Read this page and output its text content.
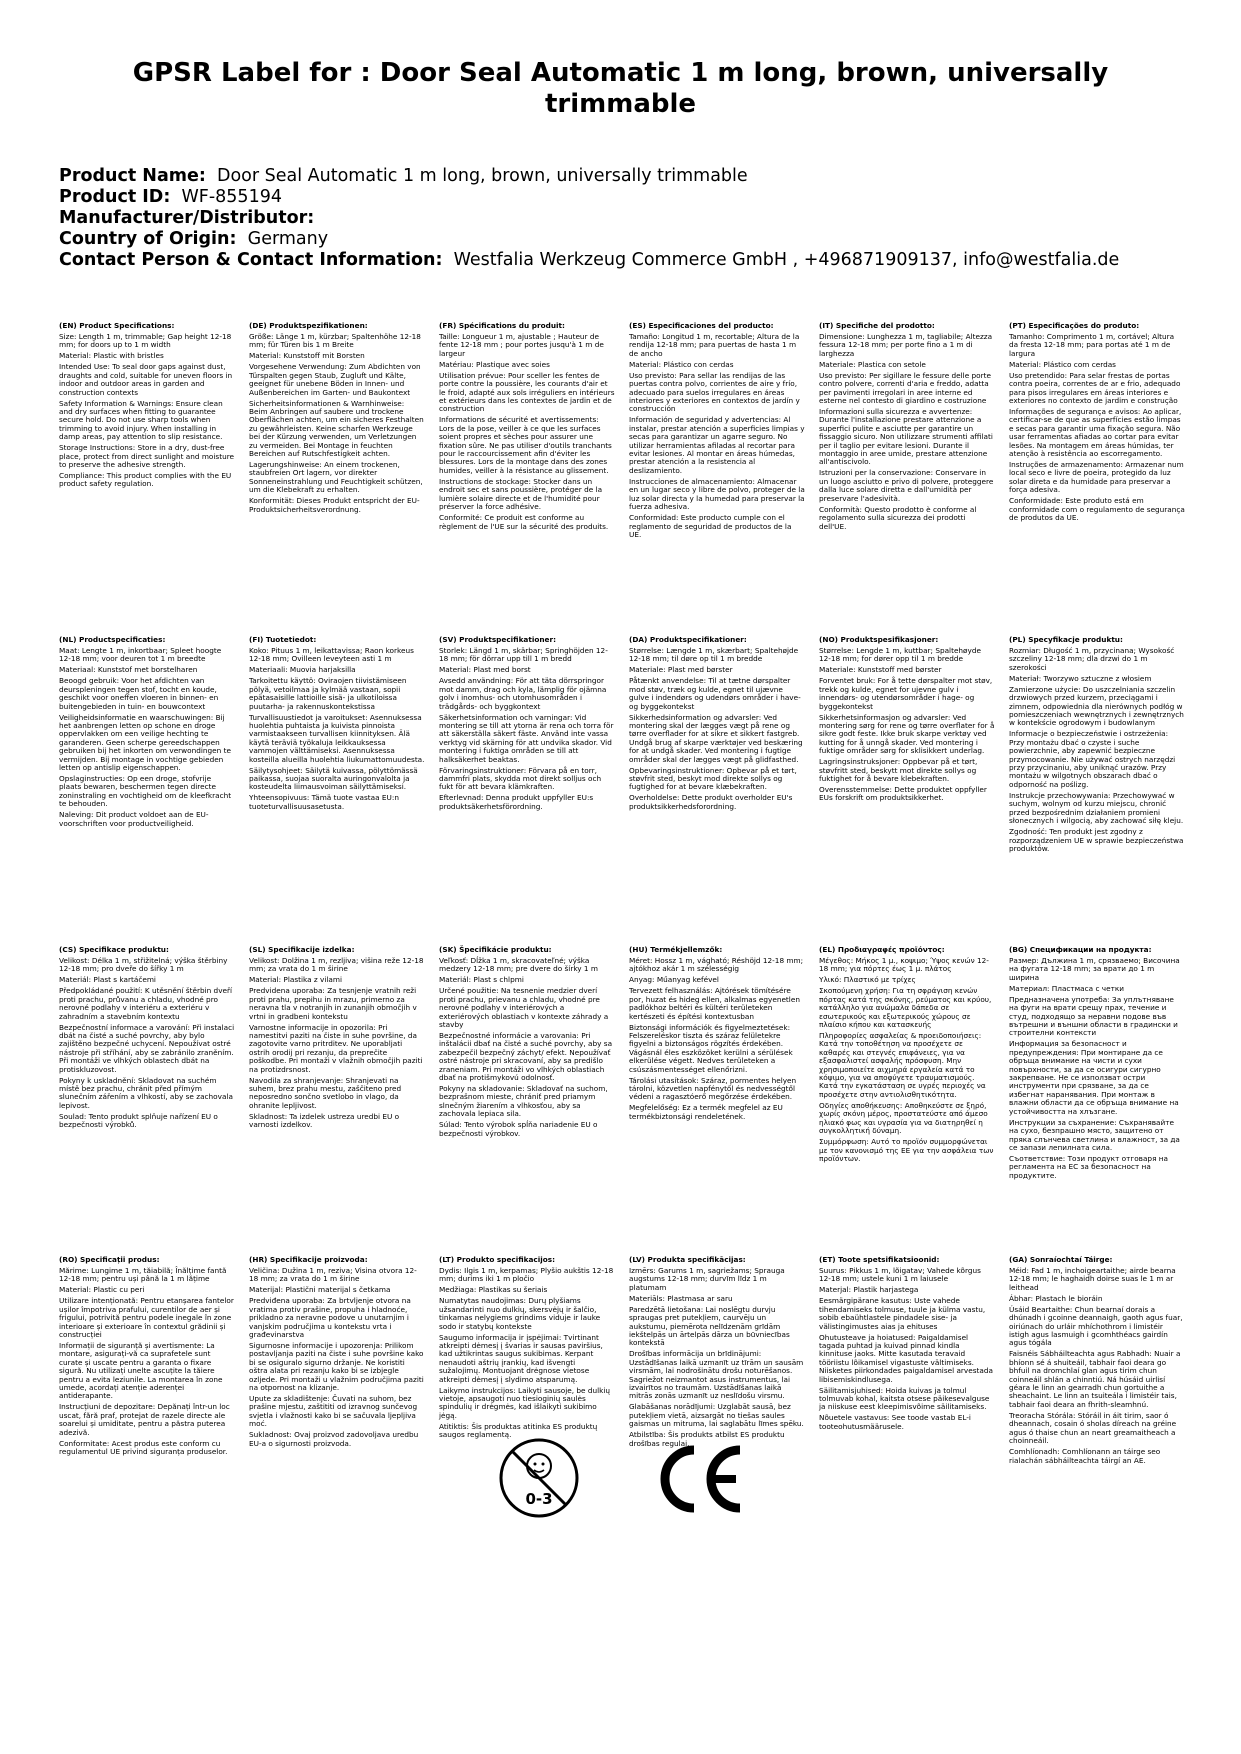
GPSR Label for : Door Seal Automatic 1 m long, brown, universally trimmable
Product Name: Door Seal Automatic 1 m long, brown, universally trimmable
Product ID: WF-855194
Manufacturer/Distributor:
Country of Origin: Germany
Contact Person & Contact Information: Westfalia Werkzeug Commerce GmbH , +496871909137, info@westfalia.de

(EN) Product Specifications:

Size: Length 1 m, trimmable; Gap height 12-18 mm; for doors up to 1 m width

Material: Plastic with bristles

Intended Use: To seal door gaps against dust, draughts and cold, suitable for uneven floors in indoor and outdoor areas in garden and construction contexts

Safety Information & Warnings: Ensure clean and dry surfaces when fitting to guarantee secure hold. Do not use sharp tools when trimming to avoid injury. When installing in damp areas, pay attention to slip resistance.

Storage Instructions: Store in a dry, dust-free place, protect from direct sunlight and moisture to preserve the adhesive strength.

Compliance: This product complies with the EU product safety regulation.

(DE) Produktspezifikationen:

Größe: Länge 1 m, kürzbar; Spaltenhöhe 12-18 mm; für Türen bis 1 m Breite

Material: Kunststoff mit Borsten

Vorgesehene Verwendung: Zum Abdichten von Türspalten gegen Staub, Zugluft und Kälte, geeignet für unebene Böden in Innen- und Außenbereichen im Garten- und Baukontext

Sicherheitsinformationen & Warnhinweise: Beim Anbringen auf saubere und trockene Oberflächen achten, um ein sicheres Festhalten zu gewährleisten. Keine scharfen Werkzeuge bei der Kürzung verwenden, um Verletzungen zu vermeiden. Bei Montage in feuchten Bereichen auf Rutschfestigkeit achten.

Lagerungshinweise: An einem trockenen, staubfreien Ort lagern, vor direkter Sonneneinstrahlung und Feuchtigkeit schützen, um die Klebekraft zu erhalten.

Konformität: Dieses Produkt entspricht der EU-Produktsicherheitsverordnung.

(FR) Spécifications du produit:

Taille: Longueur 1 m, ajustable ; Hauteur de fente 12-18 mm ; pour portes jusqu'à 1 m de largeur

Matériau: Plastique avec soies

Utilisation prévue: Pour sceller les fentes de porte contre la poussière, les courants d'air et le froid, adapté aux sols irréguliers en intérieurs et extérieurs dans les contextes de jardin et de construction

Informations de sécurité et avertissements: Lors de la pose, veiller à ce que les surfaces soient propres et sèches pour assurer une fixation sûre. Ne pas utiliser d'outils tranchants pour le raccourcissement afin d'éviter les blessures. Lors de la montage dans des zones humides, veiller à la résistance au glissement.

Instructions de stockage: Stocker dans un endroit sec et sans poussière, protéger de la lumière solaire directe et de l'humidité pour préserver la force adhésive.

Conformité: Ce produit est conforme au règlement de l'UE sur la sécurité des produits.

(ES) Especificaciones del producto:

Tamaño: Longitud 1 m, recortable; Altura de la rendija 12-18 mm; para puertas de hasta 1 m de ancho

Material: Plástico con cerdas

Uso previsto: Para sellar las rendijas de las puertas contra polvo, corrientes de aire y frío, adecuado para suelos irregulares en áreas interiores y exteriores en contextos de jardín y construcción

Información de seguridad y advertencias: Al instalar, prestar atención a superficies limpias y secas para garantizar un agarre seguro. No utilizar herramientas afiladas al recortar para evitar lesiones. Al montar en áreas húmedas, prestar atención a la resistencia al deslizamiento.

Instrucciones de almacenamiento: Almacenar en un lugar seco y libre de polvo, proteger de la luz solar directa y la humedad para preservar la fuerza adhesiva.

Conformidad: Este producto cumple con el reglamento de seguridad de productos de la UE.

(IT) Specifiche del prodotto:

Dimensione: Lunghezza 1 m, tagliabile; Altezza fessura 12-18 mm; per porte fino a 1 m di larghezza

Materiale: Plastica con setole

Uso previsto: Per sigillare le fessure delle porte contro polvere, correnti d'aria e freddo, adatta per pavimenti irregolari in aree interne ed esterne nel contesto di giardino e costruzione

Informazioni sulla sicurezza e avvertenze: Durante l'installazione prestare attenzione a superfici pulite e asciutte per garantire un fissaggio sicuro. Non utilizzare strumenti affilati per il taglio per evitare lesioni. Durante il montaggio in aree umide, prestare attenzione all'antiscivolo.

Istruzioni per la conservazione: Conservare in un luogo asciutto e privo di polvere, proteggere dalla luce solare diretta e dall'umidità per preservare l'adesività.

Conformità: Questo prodotto è conforme al regolamento sulla sicurezza dei prodotti dell'UE.

(PT) Especificações do produto:

Tamanho: Comprimento 1 m, cortável; Altura da fresta 12-18 mm; para portas até 1 m de largura

Material: Plástico com cerdas

Uso pretendido: Para selar frestas de portas contra poeira, correntes de ar e frio, adequado para pisos irregulares em áreas interiores e exteriores no contexto de jardim e construção

Informações de segurança e avisos: Ao aplicar, certificar-se de que as superfícies estão limpas e secas para garantir uma fixação segura. Não usar ferramentas afiadas ao cortar para evitar lesões. Na montagem em áreas húmidas, ter atenção à resistência ao escorregamento.

Instruções de armazenamento: Armazenar num local seco e livre de poeira, protegido da luz solar direta e da humidade para preservar a força adesiva.

Conformidade: Este produto está em conformidade com o regulamento de segurança de produtos da UE.

(NL) Productspecificaties:

Maat: Lengte 1 m, inkortbaar; Spleet hoogte 12-18 mm; voor deuren tot 1 m breedte

Materiaal: Kunststof met borstelharen

Beoogd gebruik: Voor het afdichten van deurspleningen tegen stof, tocht en koude, geschikt voor oneffen vloeren in binnen- en buitengebieden in tuin- en bouwcontext

Veiligheidsinformatie en waarschuwingen: Bij het aanbrengen letten op schone en droge oppervlakken om een veilige hechting te garanderen. Geen scherpe gereedschappen gebruiken bij het inkorten om verwondingen te vermijden. Bij montage in vochtige gebieden letten op antislip eigenschappen.

Opslaginstructies: Op een droge, stofvrije plaats bewaren, beschermen tegen directe zoninstraling en vochtigheid om de kleefkracht te behouden.

Naleving: Dit product voldoet aan de EU-voorschriften voor productveiligheid.

(FI) Tuotetiedot:

Koko: Pituus 1 m, leikattavissa; Raon korkeus 12-18 mm; Ovilleen leveyteen asti 1 m

Materiaali: Muovia harjaksilla

Tarkoitettu käyttö: Oviraojen tiivistämiseen pölyä, vetoilmaa ja kylmää vastaan, sopii epätasaisille lattioille sisä- ja ulkotiloissa puutarha- ja rakennuskontekstissa

Turvallisuustiedot ja varoitukset: Asennuksessa huolehtia puhtaista ja kuivista pinnoista varmistaakseen turvallisen kiinnityksen. Älä käytä teräviä työkaluja leikkauksessa vammojen välttämiseksi. Asennuksessa kosteilla alueilla huolehtia liukumattomuudesta.

Säilytysohjeet: Säilytä kuivassa, pölyttömässä paikassa, suojaa suoralta auringonvalolta ja kosteudelta liimausvoiman säilyttämiseksi.

Yhteensopivuus: Tämä tuote vastaa EU:n tuoteturvallisuusasetusta.

(SV) Produktspecifikationer:

Storlek: Längd 1 m, skärbar; Springhöjden 12-18 mm; för dörrar upp till 1 m bredd

Material: Plast med borst

Avsedd användning: För att täta dörrspringor mot damm, drag och kyla, lämplig för ojämna golv i inomhus- och utomhusområden i trädgårds- och byggkontext

Säkerhetsinformation och varningar: Vid montering se till att ytorna är rena och torra för att säkerställa säkert fäste. Använd inte vassa verktyg vid skärning för att undvika skador. Vid montering i fuktiga områden se till att halksäkerhet beaktas.

Förvaringsinstruktioner: Förvara på en torr, dammfri plats, skydda mot direkt solljus och fukt för att bevara klämkraften.

Efterlevnad: Denna produkt uppfyller EU:s produktsäkerhetsförordning.

(DA) Produktspecifikationer:

Størrelse: Længde 1 m, skærbart; Spaltehøjde 12-18 mm; til døre op til 1 m bredde

Materiale: Plast med børster

Påtænkt anvendelse: Til at tætne dørspalter mod støv, træk og kulde, egnet til ujævne gulve i indendørs og udendørs områder i have- og byggekontekst

Sikkerhedsinformation og advarsler: Ved montering skal der lægges vægt på rene og tørre overflader for at sikre et sikkert fastgreb. Undgå brug af skarpe værktøjer ved beskæring for at undgå skader. Ved montering i fugtige områder skal der lægges vægt på glidfasthed.

Opbevaringsinstruktioner: Opbevar på et tørt, støvfrit sted, beskyt mod direkte sollys og fugtighed for at bevare klæbekraften.

Overholdelse: Dette produkt overholder EU's produktsikkerhedsforordning.

(NO) Produktspesifikasjoner:

Størrelse: Lengde 1 m, kuttbar; Spaltehøyde 12-18 mm; for dører opp til 1 m bredde

Materiale: Kunststoff med børster

Forventet bruk: For å tette dørspalter mot støv, trekk og kulde, egnet for ujevne gulv i innendørs- og utendørsområder i hage- og byggekontekst

Sikkerhetsinformasjon og advarsler: Ved montering sørg for rene og tørre overflater for å sikre godt feste. Ikke bruk skarpe verktøy ved kutting for å unngå skader. Ved montering i fuktige områder sørg for sklisikkert underlag.

Lagringsinstruksjoner: Oppbevar på et tørt, støvfritt sted, beskytt mot direkte sollys og fuktighet for å bevare klebekraften.

Overensstemmelse: Dette produktet oppfyller EUs forskrift om produktsikkerhet.

(PL) Specyfikacje produktu:

Rozmiar: Długość 1 m, przycinana; Wysokość szczeliny 12-18 mm; dla drzwi do 1 m szerokości

Materiał: Tworzywo sztuczne z włosiem

Zamierzone użycie: Do uszczelniania szczelin drzwiowych przed kurzem, przeciągami i zimnem, odpowiednia dla nierównych podłóg w pomieszczeniach wewnętrznych i zewnętrznych w kontekście ogrodowym i budowlanym

Informacje o bezpieczeństwie i ostrzeżenia: Przy montażu dbać o czyste i suche powierzchnie, aby zapewnić bezpieczne przymocowanie. Nie używać ostrych narzędzi przy przycinaniu, aby uniknąć urazów. Przy montażu w wilgotnych obszarach dbać o odporność na poślizg.

Instrukcje przechowywania: Przechowywać w suchym, wolnym od kurzu miejscu, chronić przed bezpośrednim działaniem promieni słonecznych i wilgocią, aby zachować siłę kleju.

Zgodność: Ten produkt jest zgodny z rozporządzeniem UE w sprawie bezpieczeństwa produktów.

(CS) Specifikace produktu:

Velikost: Délka 1 m, střižitelná; výška štěrbiny 12-18 mm; pro dveře do šířky 1 m

Materiál: Plast s kartáčemi

Předpokládané použití: K utěsnění štěrbin dveří proti prachu, průvanu a chladu, vhodné pro nerovné podlahy v interiéru a exteriéru v zahradním a stavebním kontextu

Bezpečnostní informace a varování: Při instalaci dbát na čisté a suché povrchy, aby bylo zajištěno bezpečné uchycení. Nepoužívat ostré nástroje při stříhání, aby se zabránilo zraněním. Při montáži ve vlhkých oblastech dbát na protiskluzovost.

Pokyny k uskladnění: Skladovat na suchém místě bez prachu, chránit před přímým slunečním zářením a vlhkostí, aby se zachovala lepivost.

Soulad: Tento produkt splňuje nařízení EU o bezpečnosti výrobků.

(SL) Specifikacije izdelka:

Velikost: Dolžina 1 m, rezljiva; višina reže 12-18 mm; za vrata do 1 m širine

Material: Plastika z vilami

Predvidena uporaba: Za tesnjenje vratnih reži proti prahu, prepihu in mrazu, primerno za neravna tla v notranjih in zunanjih območjih v vrtni in gradbeni kontekstu

Varnostne informacije in opozorila: Pri namestitvi paziti na čiste in suhe površine, da zagotovite varno pritrditev. Ne uporabljati ostrih orodij pri rezanju, da preprečite poškodbe. Pri montaži v vlažnih območjih paziti na protizdrsnost.

Navodila za shranjevanje: Shranjevati na suhem, brez prahu mestu, zaščiteno pred neposredno sončno svetlobo in vlago, da ohranite lepljivost.

Skladnost: Ta izdelek ustreza uredbi EU o varnosti izdelkov.

(SK) Špecifikácie produktu:

Veľkosť: Dĺžka 1 m, skracovateľné; výška medzery 12-18 mm; pre dvere do šírky 1 m

Materiál: Plast s chlpmi

Určené použitie: Na tesnenie medzier dverí proti prachu, prievanu a chladu, vhodné pre nerovné podlahy v interiérových a exteriérových oblastiach v kontexte záhrady a stavby

Bezpečnostné informácie a varovania: Pri inštalácii dbať na čisté a suché povrchy, aby sa zabezpečil bezpečný záchyt/ efekt. Nepoužívať ostré nástroje pri skracovaní, aby sa predišlo zraneniam. Pri montáži vo vlhkých oblastiach dbať na protišmykovú odolnosť.

Pokyny na skladovanie: Skladovať na suchom, bezprašnom mieste, chrániť pred priamym slnečným žiarením a vlhkosťou, aby sa zachovala lepiaca sila.

Súlad: Tento výrobok spĺňa nariadenie EU o bezpečnosti výrobkov.

(HU) Termékjellemzők:

Méret: Hossz 1 m, vágható; Réshöjd 12-18 mm; ajtókhoz akár 1 m szélességig

Anyag: Műanyag kefével

Tervezett felhasználás: Ajtórések tömítésére por, huzat és hideg ellen, alkalmas egyenetlen padlókhoz beltéri és kültéri területeken kertészeti és építési kontextusban

Biztonsági információk és figyelmeztetések: Felszereléskor tiszta és száraz felületekre figyelni a biztonságos rögzítés érdekében. Vágásnál éles eszközöket kerülni a sérülések elkerülése végett. Nedves területeken a csúszásmentességet ellenőrizni.

Tárolási utasítások: Száraz, pormentes helyen tárolni, közvetlen napfénytől és nedvességtől védeni a ragasztóerő megőrzése érdekében.

Megfelelőség: Ez a termék megfelel az EU termékbiztonsági rendeletének.

(EL) Προδιαγραφές προϊόντος:

Μέγεθος: Μήκος 1 μ., κοψιμο; Ύψος κενών 12-18 mm; για πόρτες έως 1 μ. πλάτος

Υλικό: Πλαστικό με τρίχες

Σκοπούμενη χρήση: Για τη σφράγιση κενών πόρτας κατά της σκόνης, ρεύματος και κρύου, κατάλληλο για ανώμαλα δάπεδα σε εσωτερικούς και εξωτερικούς χώρους σε πλαίσιο κήπου και κατασκευής

Πληροφορίες ασφαλείας & προειδοποιήσεις: Κατά την τοποθέτηση να προσέχετε σε καθαρές και στεγνές επιφάνειες, για να εξασφαλιστεί ασφαλής πρόσφυση. Μην χρησιμοποιείτε αιχμηρά εργαλεία κατά το κόψιμο, για να αποφύγετε τραυματισμούς. Κατά την εγκατάσταση σε υγρές περιοχές να προσέχετε στην αντιολισθητικότητα.

Οδηγίες αποθήκευσης: Αποθηκεύστε σε ξηρό, χωρίς σκόνη μέρος, προστατεύστε από άμεσο ηλιακό φως και υγρασία για να διατηρηθεί η συγκολλητική δύναμη.

Συμμόρφωση: Αυτό το προϊόν συμμορφώνεται με τον κανονισμό της ΕΕ για την ασφάλεια των προϊόντων.

(BG) Спецификации на продукта:

Размер: Дължина 1 m, срязваемо; Височина на фугата 12-18 mm; за врати до 1 m ширина

Материал: Пластмаса с четки

Предназначена употреба: За уплътняване на фуги на врати срещу прах, течение и студ, подходящо за неравни подове във вътрешни и външни области в градински и строителни контексти

Информация за безопасност и предупреждения: При монтиране да се обръща внимание на чисти и сухи повърхности, за да се осигури сигурно закрепване. Не се използват остри инструменти при срязване, за да се избегнат наранявания. При монтаж в влажни области да се обръща внимание на устойчивостта на хлъзгане.

Инструкции за съхранение: Съхранявайте на сухо, безпрашно място, защитено от пряка слънчева светлина и влажност, за да се запази лепилната сила.

Съответствие: Този продукт отговаря на регламента на ЕС за безопасност на продуктите.

(RO) Specificații produs:

Mărime: Lungime 1 m, tăiabilă; Înălțime fantă 12-18 mm; pentru uși până la 1 m lățime

Material: Plastic cu peri

Utilizare intenționată: Pentru etanșarea fantelor ușilor împotriva prafului, curentilor de aer și frigului, potrivită pentru podele inegale în zone interioare și exterioare în contextul grădinii și construcției

Informații de siguranță și avertismente: La montare, asigurați-vă ca suprafetele sunt curate și uscate pentru a garanta o fixare sigură. Nu utilizați unelte ascuțite la tăiere pentru a evita leziunile. La montarea în zone umede, acordați atenție aderenței antiderapante.

Instrucțiuni de depozitare: Depănați într-un loc uscat, fără praf, protejat de razele directe ale soarelui și umiditate, pentru a păstra puterea adezivă.

Conformitate: Acest produs este conform cu regulamentul UE privind siguranța produselor.

(HR) Specifikacije proizvoda:

Veličina: Dužina 1 m, reziva; Visina otvora 12-18 mm; za vrata do 1 m širine

Materijal: Plastični materijal s četkama

Predviđena uporaba: Za brtvljenje otvora na vratima protiv prašine, propuha i hladnoće, prikladno za neravne podove u unutarnjim i vanjskim područjima u kontekstu vrta i građevinarstva

Sigurnosne informacije i upozorenja: Prilikom postavljanja paziti na čiste i suhe površine kako bi se osiguralo sigurno držanje. Ne koristiti oštra alata pri rezanju kako bi se izbjegle ozljede. Pri montaži u vlažnim područjima paziti na otpornost na klizanje.

Upute za skladištenje: Čuvati na suhom, bez prašine mjestu, zaštititi od izravnog sunčevog svjetla i vlažnosti kako bi se sačuvala ljepljiva moć.

Sukladnost: Ovaj proizvod zadovoljava uredbu EU-a o sigurnosti proizvoda.

(LT) Produkto specifikacijos:

Dydis: Ilgis 1 m, kerpamas; Plyšio aukštis 12-18 mm; durims iki 1 m pločio

Medžiaga: Plastikas su šeriais

Numatytas naudojimas: Durų plyšiams užsandarinti nuo dulkių, skersvėjų ir šalčio, tinkamas nelygiems grindims viduje ir lauke sodo ir statybų kontekste

Saugumo informacija ir įspėjimai: Tvirtinant atkreipti dėmesį į švarias ir sausas paviršius, kad užtikrintas saugus sukibimas. Kerpant nenaudoti aštrių įrankių, kad išvengti sužalojimų. Montuojant drėgnose vietose atkreipti dėmesį į slydimo atsparumą.

Laikymo instrukcijos: Laikyti sausoje, be dulkių vietoje, apsaugoti nuo tiesioginių saulės spindulių ir drėgmės, kad išlaikyti sukibimo jėgą.

Atitiktis: Šis produktas atitinka ES produktų saugos reglamentą.

(LV) Produkta specifikācijas:

Izmērs: Garums 1 m, sagriežams; Sprauga augstums 12-18 mm; durvīm līdz 1 m platumam

Materiāls: Plastmasa ar saru

Paredzētā lietošana: Lai noslēgtu durvju spraugas pret putekļiem, caurvēju un aukstumu, piemērota nelīdzenām grīdām iekštelpās un ārtelpās dārza un būvniecības kontekstā

Drošības informācija un brīdinājumi: Uzstādīšanas laikā uzmanīt uz tīrām un sausām virsmām, lai nodrošinātu drošu noturēšanos. Sagriežot neizmantot asus instrumentus, lai izvairītos no traumām. Uzstādīšanas laikā mitrās zonās uzmanīt uz neslīdošu virsmu.

Glabāšanas norādījumi: Uzglabāt sausā, bez putekļiem vietā, aizsargāt no tiešas saules gaismas un mitruma, lai saglabātu līmes spēku.

Atbilstība: Šis produkts atbilst ES produktu drošības regulai.

(ET) Toote spetsifikatsioonid:

Suurus: Pikkus 1 m, lõigatav; Vahede kõrgus 12-18 mm; ustele kuni 1 m laiusele

Materjal: Plastik harjastega

Eesmärgipärane kasutus: Uste vahede tihendamiseks tolmuse, tuule ja külma vastu, sobib ebaühtlastele pindadele sise- ja välistingimustes aias ja ehituses

Ohutusteave ja hoiatused: Paigaldamisel tagada puhtad ja kuivad pinnad kindla kinnituse jaoks. Mitte kasutada teravaid tööriistu lõikamisel vigastuste vältimiseks. Niisketes piirkondades paigaldamisel arvestada libisemiskindlusega.

Säilitamisjuhised: Hoida kuivas ja tolmul tolmuvab kohal, kaitsta otsese päikesevalguse ja niiskuse eest kleepimisvõime säilitamiseks.

Nõuetele vastavus: See toode vastab EL-i tooteohutusmäärusele.

(GA) Sonraíochtaí Táirge:

Méid: Fad 1 m, inchoigeartaithe; airde bearna 12-18 mm; le haghaidh doirse suas le 1 m ar leithead

Ábhar: Plastach le bioráin

Úsáid Beartaithe: Chun bearnaí dorais a dhúnadh i gcoinne deannaigh, gaoth agus fuar, oiriúnach do urláir mhíchothrom i limistéir istigh agus lasmuigh i gcomhthéacs gairdín agus tógála

Faisnéis Sábháilteachta agus Rabhadh: Nuair a bhíonn sé á shuiteáil, tabhair faoi deara go bhfuil na dromchlaí glan agus tirim chun coinneáil shlán a chinntiú. Ná húsáid uirlisí géara le linn an gearradh chun gortuithe a sheachaint. Le linn an tsuiteála i limistéir tais, tabhair faoi deara an fhrith-sleamhnú.

Treoracha Stórála: Stóráil in áit tirim, saor ó dheannach, cosain ó sholas díreach na gréine agus ó thaise chun an neart greamaitheach a choinneáil.

Comhlíonadh: Comhlíonann an táirge seo rialachán sábháilteachta táirgí an AE.

0-3
